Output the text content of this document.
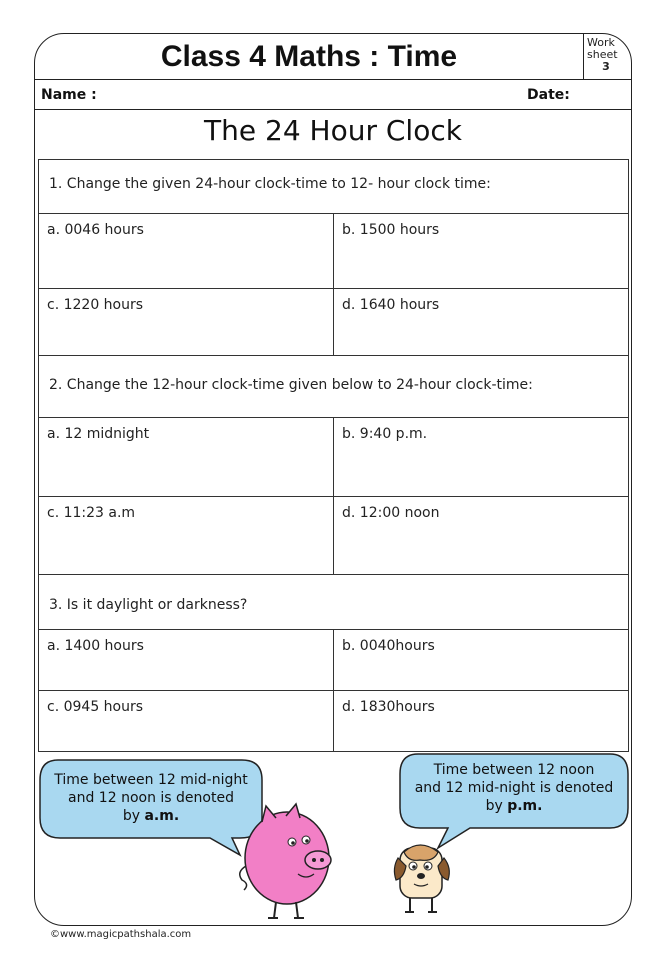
Class 4 Maths : Time	Work
sheet

3
Name :	Date:
The 24 Hour Clock
1. Change the given 24-hour clock-time to 12- hour clock time:
a. 0046 hours	b. 1500 hours
c. 1220 hours	d. 1640 hours
2. Change the 12-hour clock-time given below to 24-hour clock-time:
a. 12 midnight	b. 9:40 p.m.
c. 11:23 a.m	d. 12:00 noon
3. Is it daylight or darkness?
a. 1400 hours	b. 0040hours
c. 0945 hours	d. 1830hours
Time between 12 mid-night
and 12 noon is denoted
by a.m.
Time between 12 noon
and 12 mid-night is denoted
by p.m.
©www.magicpathshala.com
